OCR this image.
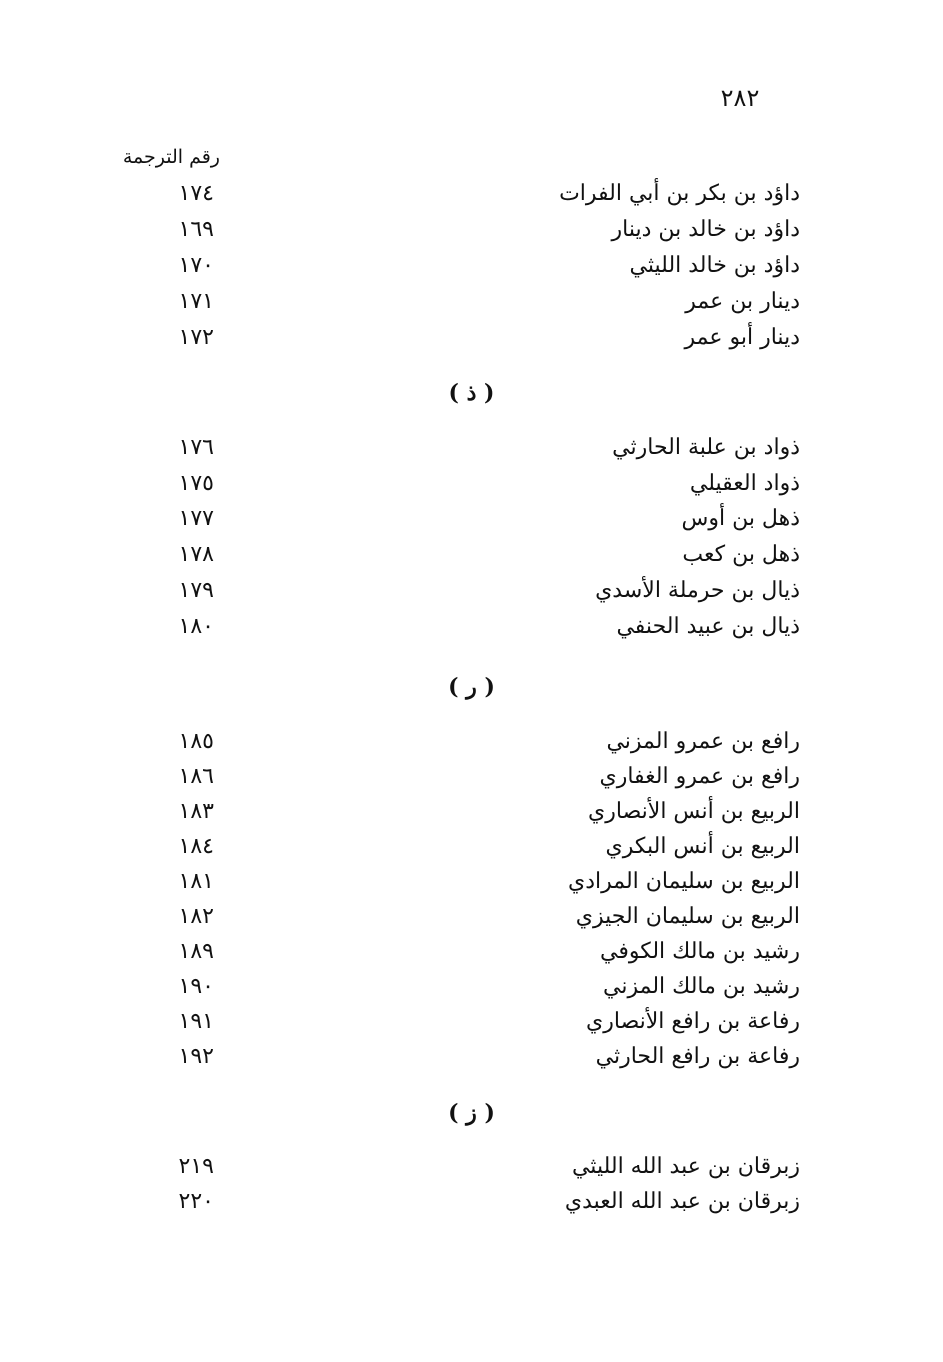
٢٨٢
رقم الترجمة
داؤد بن بكر بن أبي الفرات
١٧٤
داؤد بن خالد بن دينار
١٦٩
داؤد بن خالد الليثي
١٧٠
دينار بن عمر
١٧١
دينار أبو عمر
١٧٢
( ذ )
ذواد بن علبة الحارثي
١٧٦
ذواد العقيلي
١٧٥
ذهل بن أوس
١٧٧
ذهل بن كعب
١٧٨
ذيال بن حرملة الأسدي
١٧٩
ذيال بن عبيد الحنفي
١٨٠
( ر )
رافع بن عمرو المزني
١٨٥
رافع بن عمرو الغفاري
١٨٦
الربيع بن أنس الأنصاري
١٨٣
الربيع بن أنس البكري
١٨٤
الربيع بن سليمان المرادي
١٨١
الربيع بن سليمان الجيزي
١٨٢
رشيد بن مالك الكوفي
١٨٩
رشيد بن مالك المزني
١٩٠
رفاعة بن رافع الأنصاري
١٩١
رفاعة بن رافع الحارثي
١٩٢
( ز )
زبرقان بن عبد الله الليثي
٢١٩
زبرقان بن عبد الله العبدي
٢٢٠
